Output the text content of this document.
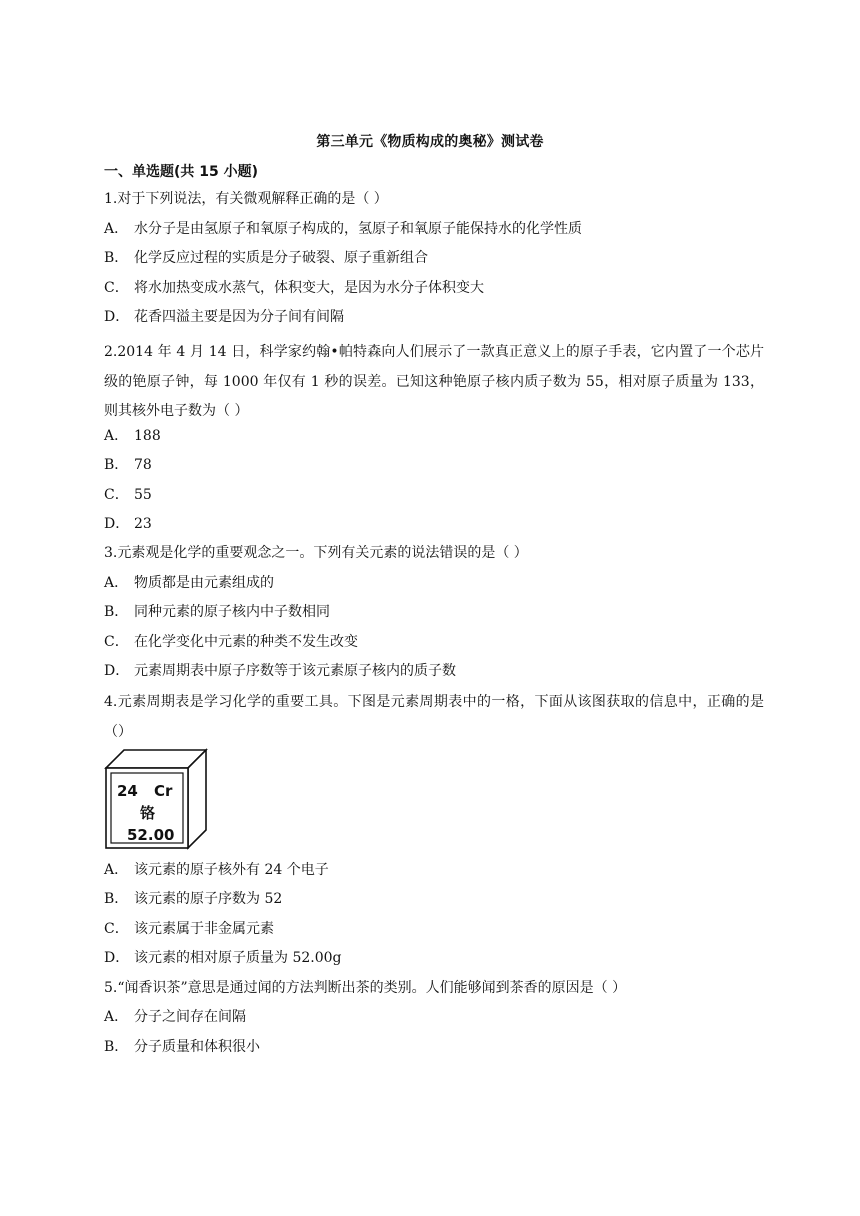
第三单元《物质构成的奥秘》测试卷
一、单选题(共 15 小题)
1.对于下列说法，有关微观解释正确的是（ ）
A． 水分子是由氢原子和氧原子构成的，氢原子和氧原子能保持水的化学性质
B． 化学反应过程的实质是分子破裂、原子重新组合
C． 将水加热变成水蒸气，体积变大，是因为水分子体积变大
D． 花香四溢主要是因为分子间有间隔
2.2014 年 4 月 14 日，科学家约翰•帕特森向人们展示了一款真正意义上的原子手表，它内置了一个芯片级的铯原子钟，每 1000 年仅有 1 秒的误差。已知这种铯原子核内质子数为 55，相对原子质量为 133，则其核外电子数为（ ）
A． 188
B． 78
C． 55
D． 23
3.元素观是化学的重要观念之一。下列有关元素的说法错误的是（ ）
A． 物质都是由元素组成的
B． 同种元素的原子核内中子数相同
C． 在化学变化中元素的种类不发生改变
D． 元素周期表中原子序数等于该元素原子核内的质子数
4.元素周期表是学习化学的重要工具。下图是元素周期表中的一格，下面从该图获取的信息中，正确的是（）
24 Cr
铬
52.00
A． 该元素的原子核外有 24 个电子
B． 该元素的原子序数为 52
C． 该元素属于非金属元素
D． 该元素的相对原子质量为 52.00g
5.“闻香识茶”意思是通过闻的方法判断出茶的类别。人们能够闻到茶香的原因是（ ）
A． 分子之间存在间隔
B． 分子质量和体积很小
